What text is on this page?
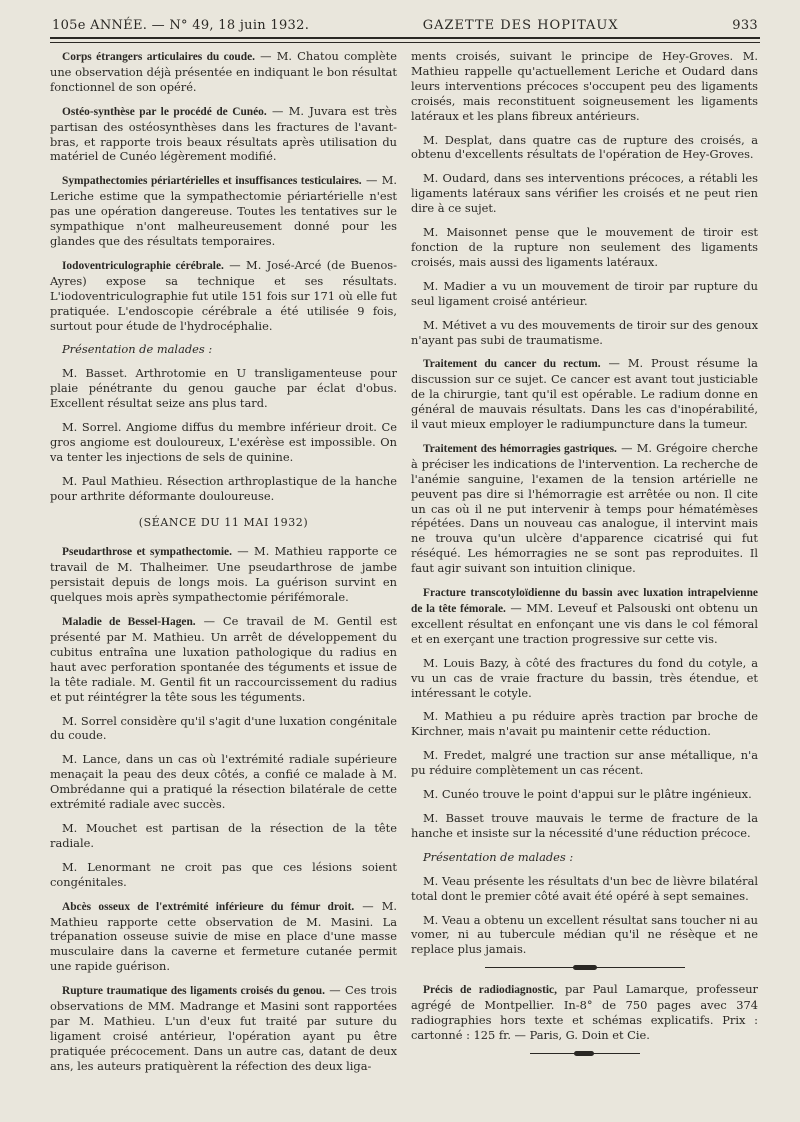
105e ANNÉE. — N° 49, 18 juin 1932.	GAZETTE DES HOPITAUX	933

Corps étrangers articulaires du coude. — M. Chatou complète une observation déjà présentée en indiquant le bon résultat fonctionnel de son opéré.

Ostéo-synthèse par le procédé de Cunéo. — M. Juvara est très partisan des ostéosynthèses dans les fractures de l'avant-bras, et rapporte trois beaux résultats après utilisation du matériel de Cunéo légèrement modifié.

Sympathectomies périartérielles et insuffisances testiculaires. — M. Leriche estime que la sympathectomie périartérielle n'est pas une opération dangereuse. Toutes les tentatives sur le sympathique n'ont malheureusement donné pour les glandes que des résultats temporaires.

Iodoventriculographie cérébrale. — M. José-Arcé (de Buenos-Ayres) expose sa technique et ses résultats. L'iodoventriculographie fut utile 151 fois sur 171 où elle fut pratiquée. L'endoscopie cérébrale a été utilisée 9 fois, surtout pour étude de l'hydrocéphalie.

Présentation de malades :

M. Basset. Arthrotomie en U transligamenteuse pour plaie pénétrante du genou gauche par éclat d'obus. Excellent résultat seize ans plus tard.

M. Sorrel. Angiome diffus du membre inférieur droit. Ce gros angiome est douloureux, L'exérèse est impossible. On va tenter les injections de sels de quinine.

M. Paul Mathieu. Résection arthroplastique de la hanche pour arthrite déformante douloureuse.

(SÉANCE DU 11 MAI 1932)

Pseudarthrose et sympathectomie. — M. Mathieu rapporte ce travail de M. Thalheimer. Une pseudarthrose de jambe persistait depuis de longs mois. La guérison survint en quelques mois après sympathectomie périfémorale.

Maladie de Bessel-Hagen. — Ce travail de M. Gentil est présenté par M. Mathieu. Un arrêt de développement du cubitus entraîna une luxation pathologique du radius en haut avec perforation spontanée des téguments et issue de la tête radiale. M. Gentil fit un raccourcissement du radius et put réintégrer la tête sous les téguments.

M. Sorrel considère qu'il s'agit d'une luxation congénitale du coude.

M. Lance, dans un cas où l'extrémité radiale supérieure menaçait la peau des deux côtés, a confié ce malade à M. Ombrédanne qui a pratiqué la résection bilatérale de cette extrémité radiale avec succès.

M. Mouchet est partisan de la résection de la tête radiale.

M. Lenormant ne croit pas que ces lésions soient congénitales.

Abcès osseux de l'extrémité inférieure du fémur droit. — M. Mathieu rapporte cette observation de M. Masini. La trépanation osseuse suivie de mise en place d'une masse musculaire dans la caverne et fermeture cutanée permit une rapide guérison.

Rupture traumatique des ligaments croisés du genou. — Ces trois observations de MM. Madrange et Masini sont rapportées par M. Mathieu. L'un d'eux fut traité par suture du ligament croisé antérieur, l'opération ayant pu être pratiquée précocement. Dans un autre cas, datant de deux ans, les auteurs pratiquèrent la réfection des deux liga-

ments croisés, suivant le principe de Hey-Groves. M. Mathieu rappelle qu'actuellement Leriche et Oudard dans leurs interventions précoces s'occupent peu des ligaments croisés, mais reconstituent soigneusement les ligaments latéraux et les plans fibreux antérieurs.

M. Desplat, dans quatre cas de rupture des croisés, a obtenu d'excellents résultats de l'opération de Hey-Groves.

M. Oudard, dans ses interventions précoces, a rétabli les ligaments latéraux sans vérifier les croisés et ne peut rien dire à ce sujet.

M. Maisonnet pense que le mouvement de tiroir est fonction de la rupture non seulement des ligaments croisés, mais aussi des ligaments latéraux.

M. Madier a vu un mouvement de tiroir par rupture du seul ligament croisé antérieur.

M. Métivet a vu des mouvements de tiroir sur des genoux n'ayant pas subi de traumatisme.

Traitement du cancer du rectum. — M. Proust résume la discussion sur ce sujet. Ce cancer est avant tout justiciable de la chirurgie, tant qu'il est opérable. Le radium donne en général de mauvais résultats. Dans les cas d'inopérabilité, il vaut mieux employer le radiumpuncture dans la tumeur.

Traitement des hémorragies gastriques. — M. Grégoire cherche à préciser les indications de l'intervention. La recherche de l'anémie sanguine, l'examen de la tension artérielle ne peuvent pas dire si l'hémorragie est arrêtée ou non. Il cite un cas où il ne put intervenir à temps pour hématémèses répétées. Dans un nouveau cas analogue, il intervint mais ne trouva qu'un ulcère d'apparence cicatrisé qui fut réséqué. Les hémorragies ne se sont pas reproduites. Il faut agir suivant son intuition clinique.

Fracture transcotyloïdienne du bassin avec luxation intrapelvienne de la tête fémorale. — MM. Leveuf et Palsouski ont obtenu un excellent résultat en enfonçant une vis dans le col fémoral et en exerçant une traction progressive sur cette vis.

M. Louis Bazy, à côté des fractures du fond du cotyle, a vu un cas de vraie fracture du bassin, très étendue, et intéressant le cotyle.

M. Mathieu a pu réduire après traction par broche de Kirchner, mais n'avait pu maintenir cette réduction.

M. Fredet, malgré une traction sur anse métallique, n'a pu réduire complètement un cas récent.

M. Cunéo trouve le point d'appui sur le plâtre ingénieux.

M. Basset trouve mauvais le terme de fracture de la hanche et insiste sur la nécessité d'une réduction précoce.

Présentation de malades :

M. Veau présente les résultats d'un bec de lièvre bilatéral total dont le premier côté avait été opéré à sept semaines.

M. Veau a obtenu un excellent résultat sans toucher ni au vomer, ni au tubercule médian qu'il ne résèque et ne replace plus jamais.

Précis de radiodiagnostic, par Paul Lamarque, professeur agrégé de Montpellier. In-8° de 750 pages avec 374 radiographies hors texte et schémas explicatifs. Prix : cartonné : 125 fr. — Paris, G. Doin et Cie.
